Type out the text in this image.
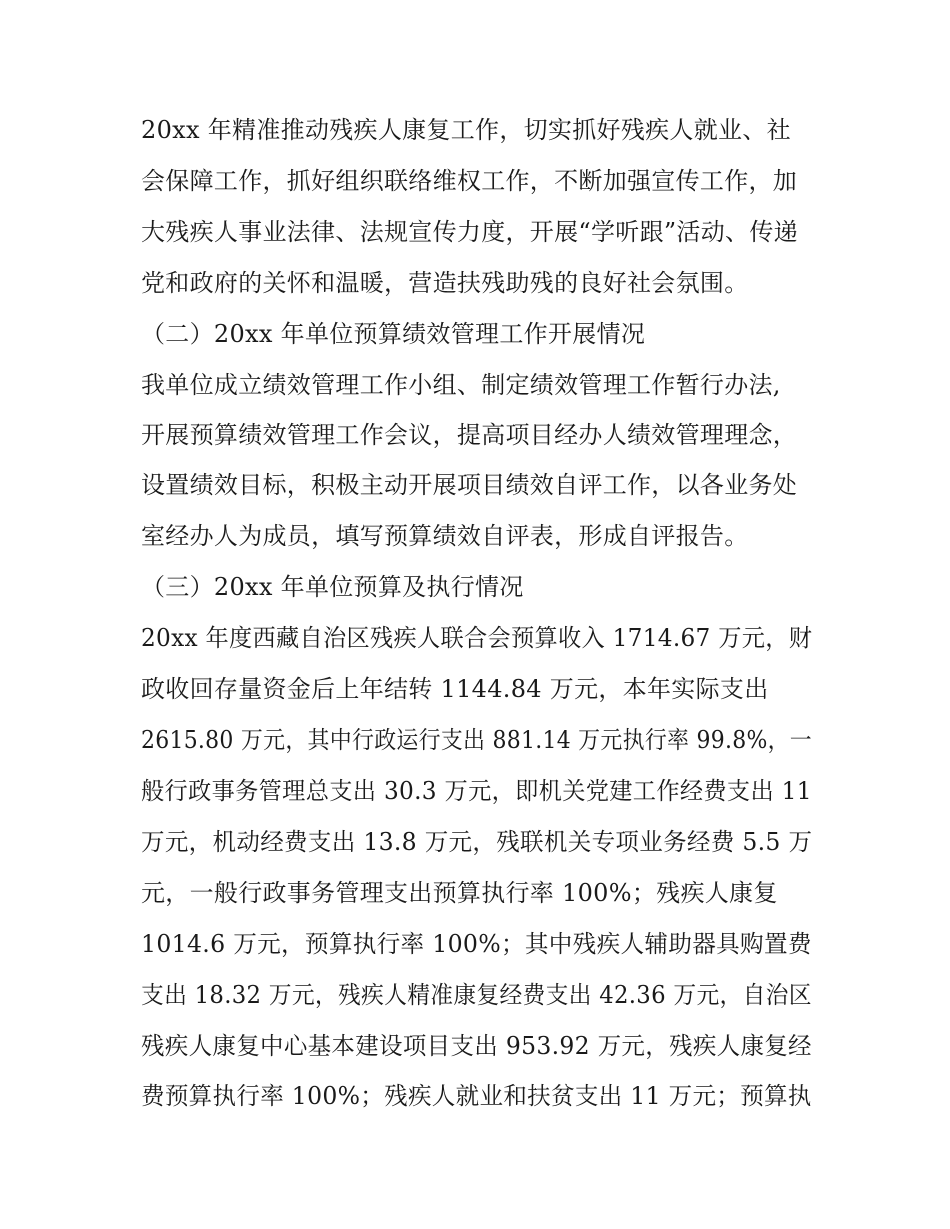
20xx 年精准推动残疾人康复工作，切实抓好残疾人就业、社
会保障工作，抓好组织联络维权工作，不断加强宣传工作，加
大残疾人事业法律、法规宣传力度，开展“学听跟”活动、传递
党和政府的关怀和温暖，营造扶残助残的良好社会氛围。
（二）20xx 年单位预算绩效管理工作开展情况
我单位成立绩效管理工作小组、制定绩效管理工作暂行办法,
开展预算绩效管理工作会议，提高项目经办人绩效管理理念，
设置绩效目标，积极主动开展项目绩效自评工作，以各业务处
室经办人为成员，填写预算绩效自评表，形成自评报告。
（三）20xx 年单位预算及执行情况
20xx 年度西藏自治区残疾人联合会预算收入 1714.67 万元，财
政收回存量资金后上年结转 1144.84 万元，本年实际支出
2615.80 万元，其中行政运行支出 881.14 万元执行率 99.8%，一
般行政事务管理总支出 30.3 万元，即机关党建工作经费支出 11
万元，机动经费支出 13.8 万元，残联机关专项业务经费 5.5 万
元，一般行政事务管理支出预算执行率 100%；残疾人康复
1014.6 万元，预算执行率 100%；其中残疾人辅助器具购置费
支出 18.32 万元，残疾人精准康复经费支出 42.36 万元，自治区
残疾人康复中心基本建设项目支出 953.92 万元，残疾人康复经
费预算执行率 100%；残疾人就业和扶贫支出 11 万元；预算执
